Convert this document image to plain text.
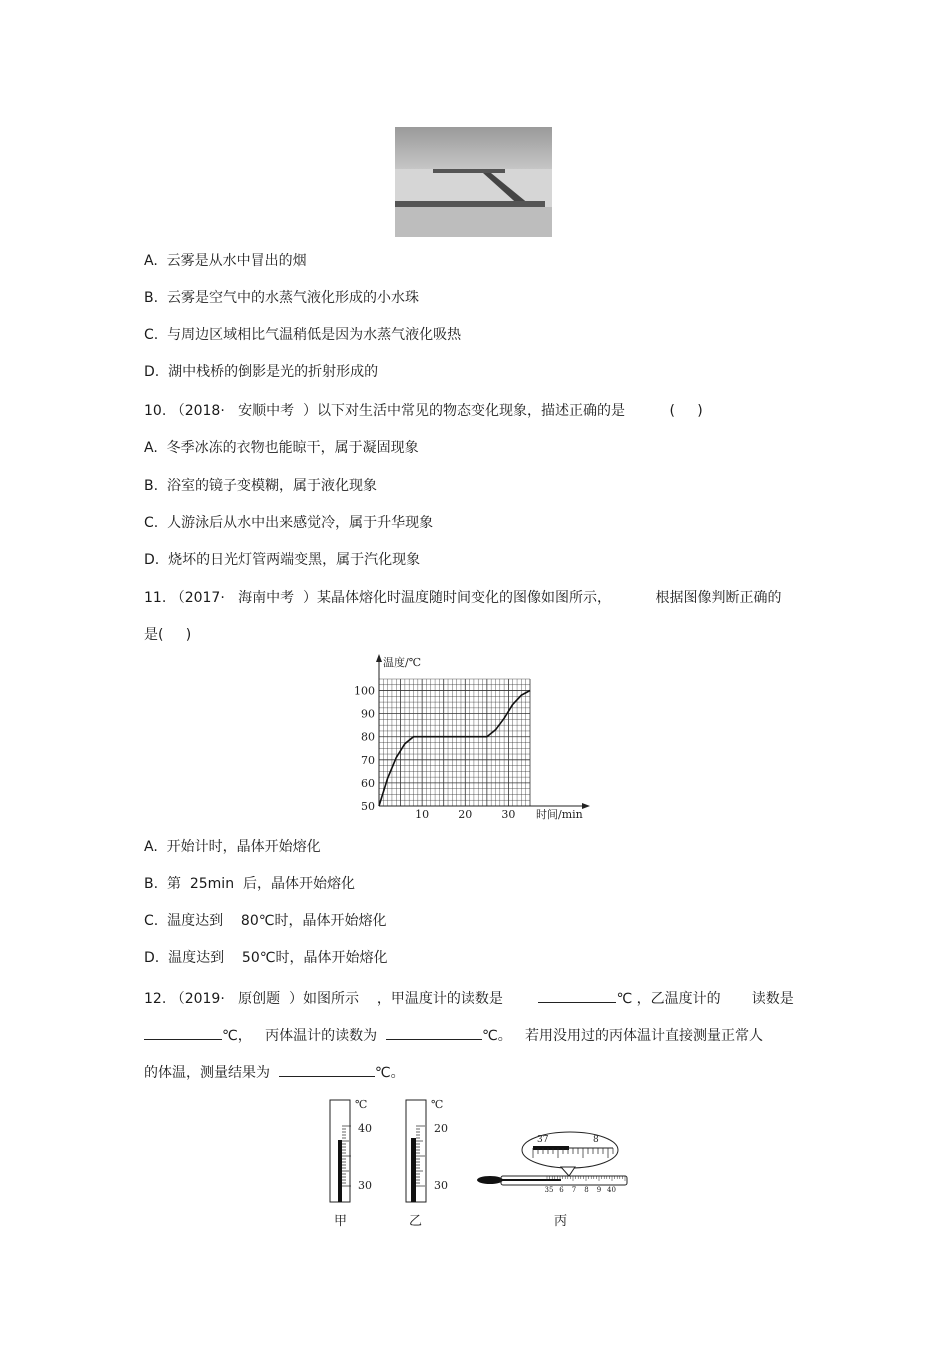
A.  云雾是从水中冒出的烟
B.  云雾是空气中的水蒸气液化形成的小水珠
C.  与周边区域相比气温稍低是因为水蒸气液化吸热
D.  湖中栈桥的倒影是光的折射形成的
10. （2018·   安顺中考  ）以下对生活中常见的物态变化现象，描述正确的是          (     )
A.  冬季冰冻的衣物也能晾干，属于凝固现象
B.  浴室的镜子变模糊，属于液化现象
C.  人游泳后从水中出来感觉冷，属于升华现象
D.  烧坏的日光灯管两端变黑，属于汽化现象
11. （2017·   海南中考  ）某晶体熔化时温度随时间变化的图像如图所示，          根据图像判断正确的
是(     )
温度/℃
时间/min
50
60
70
80
90
100
10	20	30
A.  开始计时，晶体开始熔化
B.  第  25min  后，晶体开始熔化
C.  温度达到    80℃时，晶体开始熔化
D.  温度达到    50℃时，晶体开始熔化
12. （2019·   原创题  ）如图所示    ，甲温度计的读数是	℃ ，乙温度计的       读数是
℃，   丙体温计的读数为	℃。   若用没用过的丙体温计直接测量正常人
的体温，测量结果为	℃。
℃
40
30
甲
℃
20
30
乙
37	8
35 6 7 8 9 40
丙
